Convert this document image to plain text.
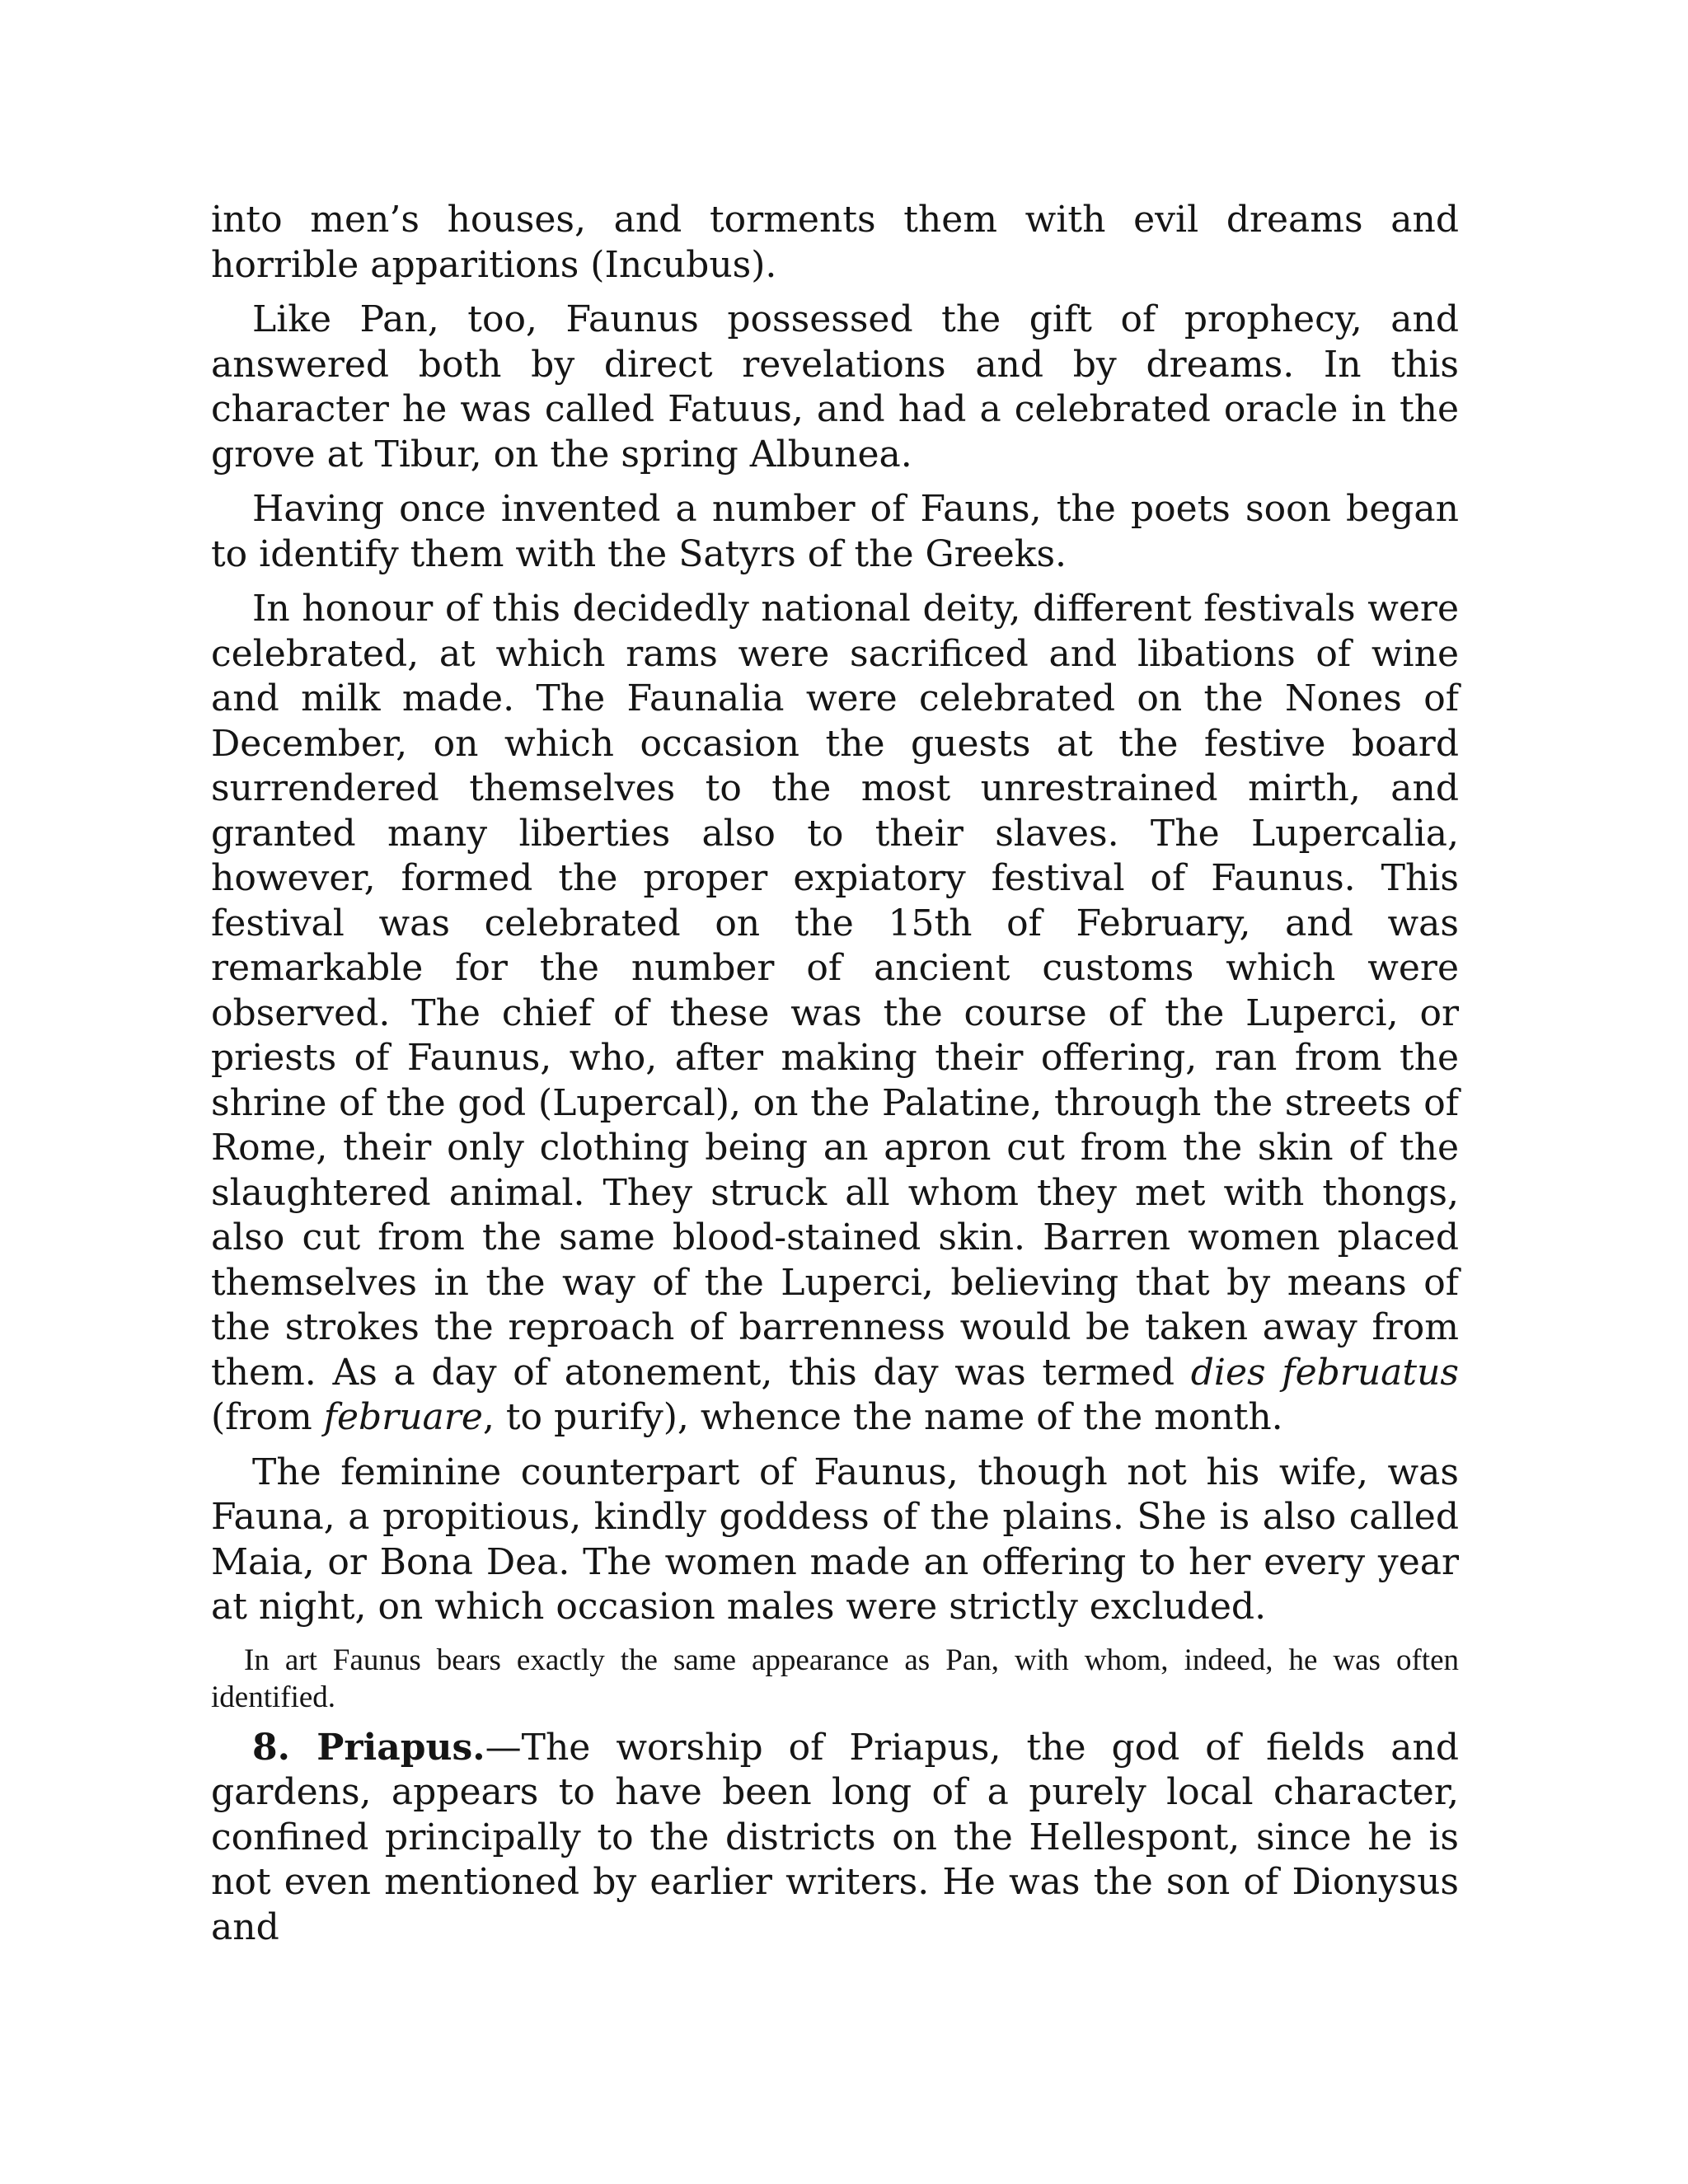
into men’s houses, and torments them with evil dreams and horrible apparitions (Incubus).

Like Pan, too, Faunus possessed the gift of prophecy, and answered both by direct revelations and by dreams. In this character he was called Fatuus, and had a celebrated oracle in the grove at Tibur, on the spring Albunea.

Having once invented a number of Fauns, the poets soon began to identify them with the Satyrs of the Greeks.

In honour of this decidedly national deity, different festivals were celebrated, at which rams were sacrificed and libations of wine and milk made. The Faunalia were celebrated on the Nones of December, on which occasion the guests at the festive board surrendered themselves to the most unrestrained mirth, and granted many liberties also to their slaves. The Lupercalia, however, formed the proper expiatory festival of Faunus. This festival was celebrated on the 15th of February, and was remarkable for the number of ancient customs which were observed. The chief of these was the course of the Luperci, or priests of Faunus, who, after making their offering, ran from the shrine of the god (Lupercal), on the Palatine, through the streets of Rome, their only clothing being an apron cut from the skin of the slaughtered animal. They struck all whom they met with thongs, also cut from the same blood-stained skin. Barren women placed themselves in the way of the Luperci, believing that by means of the strokes the reproach of barrenness would be taken away from them. As a day of atonement, this day was termed dies februatus (from februare, to purify), whence the name of the month.

The feminine counterpart of Faunus, though not his wife, was Fauna, a propitious, kindly goddess of the plains. She is also called Maia, or Bona Dea. The women made an offering to her every year at night, on which occasion males were strictly excluded.

In art Faunus bears exactly the same appearance as Pan, with whom, indeed, he was often identified.

8. Priapus.—The worship of Priapus, the god of fields and gardens, appears to have been long of a purely local character, confined principally to the districts on the Hellespont, since he is not even mentioned by earlier writers. He was the son of Dionysus and
